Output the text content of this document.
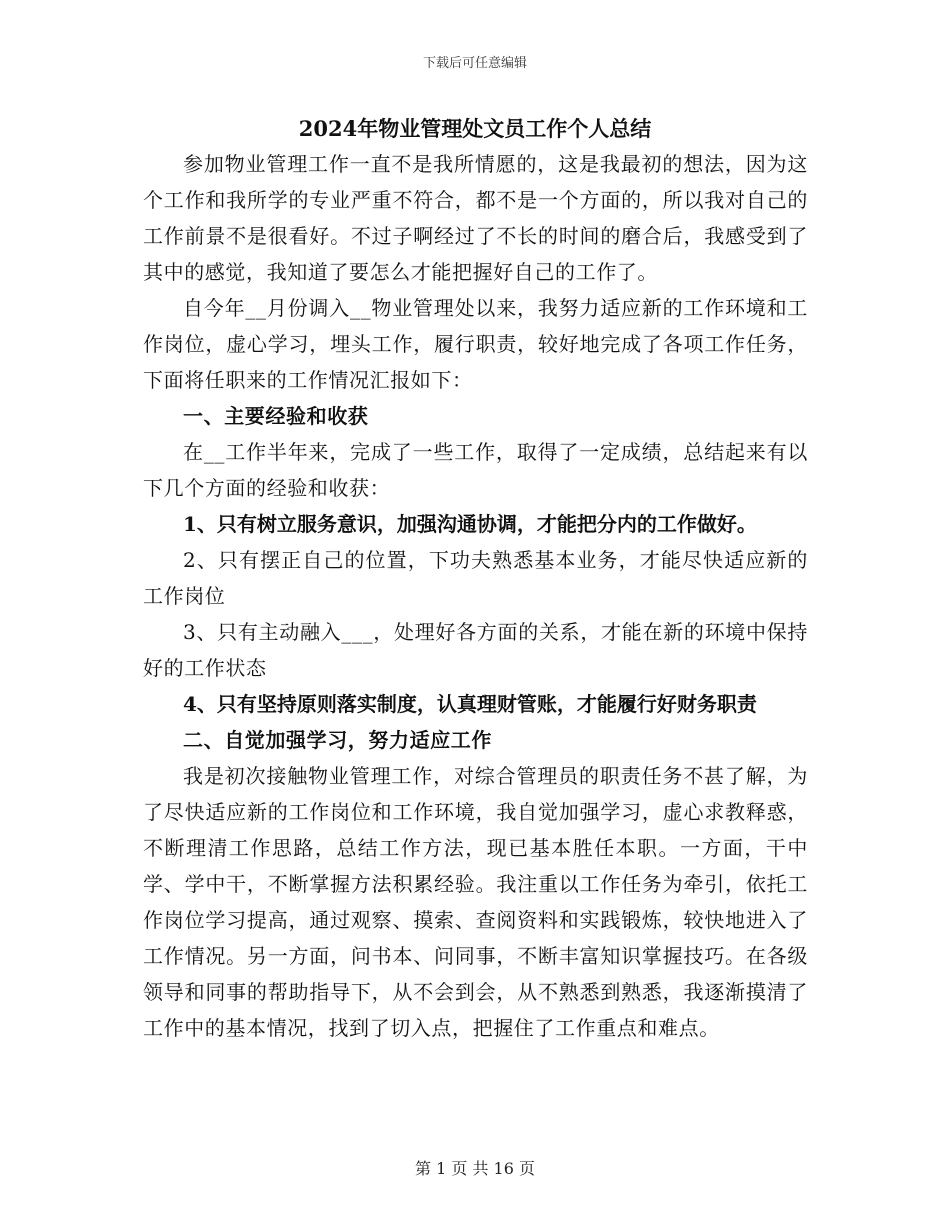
下载后可任意编辑
2024年物业管理处文员工作个人总结

参加物业管理工作一直不是我所情愿的，这是我最初的想法，因为这个工作和我所学的专业严重不符合，都不是一个方面的，所以我对自己的工作前景不是很看好。不过子啊经过了不长的时间的磨合后，我感受到了其中的感觉，我知道了要怎么才能把握好自己的工作了。

自今年__月份调入__物业管理处以来，我努力适应新的工作环境和工作岗位，虚心学习，埋头工作，履行职责，较好地完成了各项工作任务，下面将任职来的工作情况汇报如下：

一、主要经验和收获

在__工作半年来，完成了一些工作，取得了一定成绩，总结起来有以下几个方面的经验和收获：

1、只有树立服务意识，加强沟通协调，才能把分内的工作做好。

2、只有摆正自己的位置，下功夫熟悉基本业务，才能尽快适应新的工作岗位

3、只有主动融入___，处理好各方面的关系，才能在新的环境中保持好的工作状态

4、只有坚持原则落实制度，认真理财管账，才能履行好财务职责

二、自觉加强学习，努力适应工作

我是初次接触物业管理工作，对综合管理员的职责任务不甚了解，为了尽快适应新的工作岗位和工作环境，我自觉加强学习，虚心求教释惑，不断理清工作思路，总结工作方法，现已基本胜任本职。一方面，干中学、学中干，不断掌握方法积累经验。我注重以工作任务为牵引，依托工作岗位学习提高，通过观察、摸索、查阅资料和实践锻炼，较快地进入了工作情况。另一方面，问书本、问同事，不断丰富知识掌握技巧。在各级领导和同事的帮助指导下，从不会到会，从不熟悉到熟悉，我逐渐摸清了工作中的基本情况，找到了切入点，把握住了工作重点和难点。

第 1 页 共 16 页
